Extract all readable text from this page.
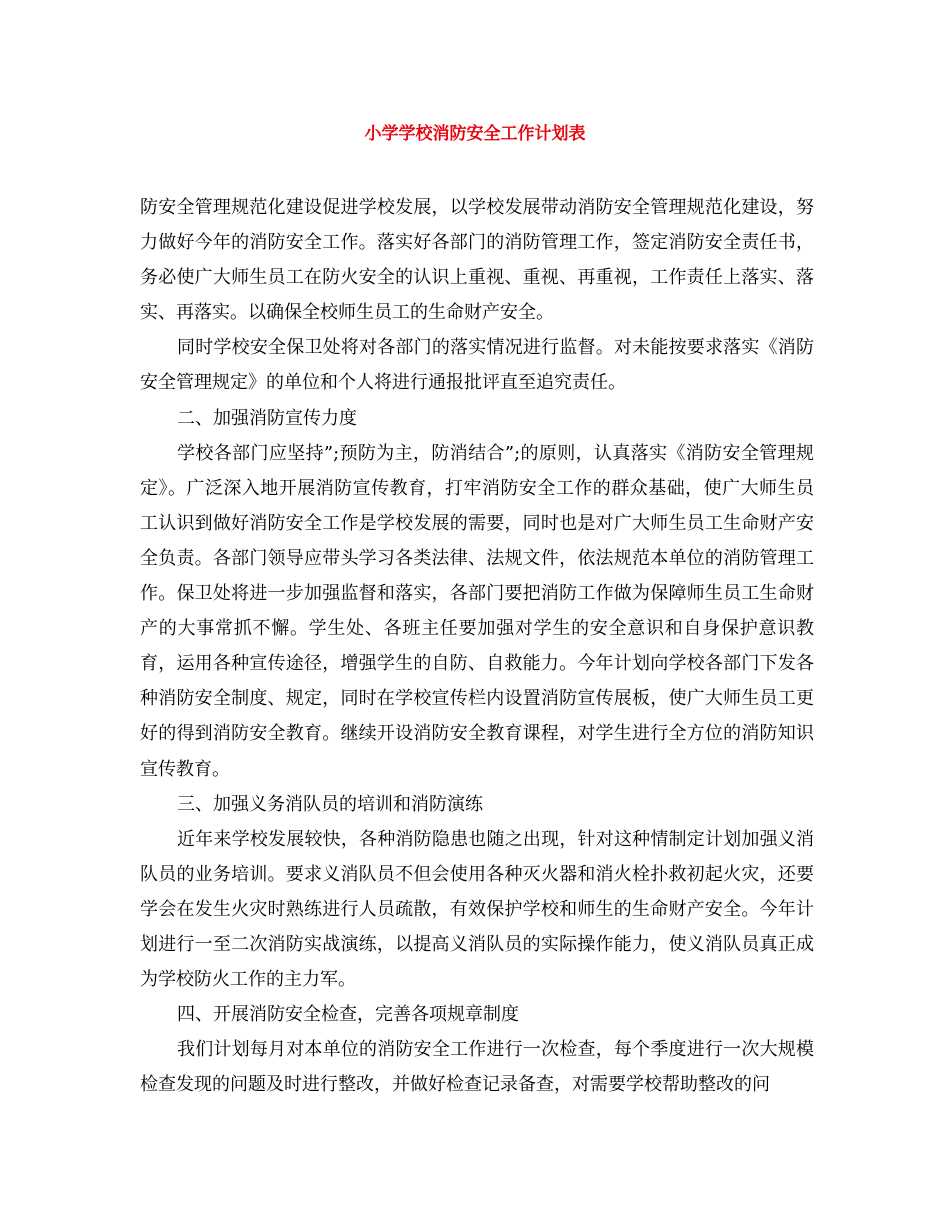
小学学校消防安全工作计划表

防安全管理规范化建设促进学校发展，以学校发展带动消防安全管理规范化建设，努力做好今年的消防安全工作。落实好各部门的消防管理工作，签定消防安全责任书，务必使广大师生员工在防火安全的认识上重视、重视、再重视，工作责任上落实、落实、再落实。以确保全校师生员工的生命财产安全。

同时学校安全保卫处将对各部门的落实情况进行监督。对未能按要求落实《消防安全管理规定》的单位和个人将进行通报批评直至追究责任。

二、加强消防宣传力度

学校各部门应坚持”;预防为主，防消结合”;的原则，认真落实《消防安全管理规定》。广泛深入地开展消防宣传教育，打牢消防安全工作的群众基础，使广大师生员工认识到做好消防安全工作是学校发展的需要，同时也是对广大师生员工生命财产安全负责。各部门领导应带头学习各类法律、法规文件，依法规范本单位的消防管理工作。保卫处将进一步加强监督和落实，各部门要把消防工作做为保障师生员工生命财产的大事常抓不懈。学生处、各班主任要加强对学生的安全意识和自身保护意识教育，运用各种宣传途径，增强学生的自防、自救能力。今年计划向学校各部门下发各种消防安全制度、规定，同时在学校宣传栏内设置消防宣传展板，使广大师生员工更好的得到消防安全教育。继续开设消防安全教育课程，对学生进行全方位的消防知识宣传教育。

三、加强义务消队员的培训和消防演练

近年来学校发展较快，各种消防隐患也随之出现，针对这种情制定计划加强义消队员的业务培训。要求义消队员不但会使用各种灭火器和消火栓扑救初起火灾，还要学会在发生火灾时熟练进行人员疏散，有效保护学校和师生的生命财产安全。今年计划进行一至二次消防实战演练，以提高义消队员的实际操作能力，使义消队员真正成为学校防火工作的主力军。

四、开展消防安全检查，完善各项规章制度

我们计划每月对本单位的消防安全工作进行一次检查，每个季度进行一次大规模检查发现的问题及时进行整改，并做好检查记录备查，对需要学校帮助整改的问
